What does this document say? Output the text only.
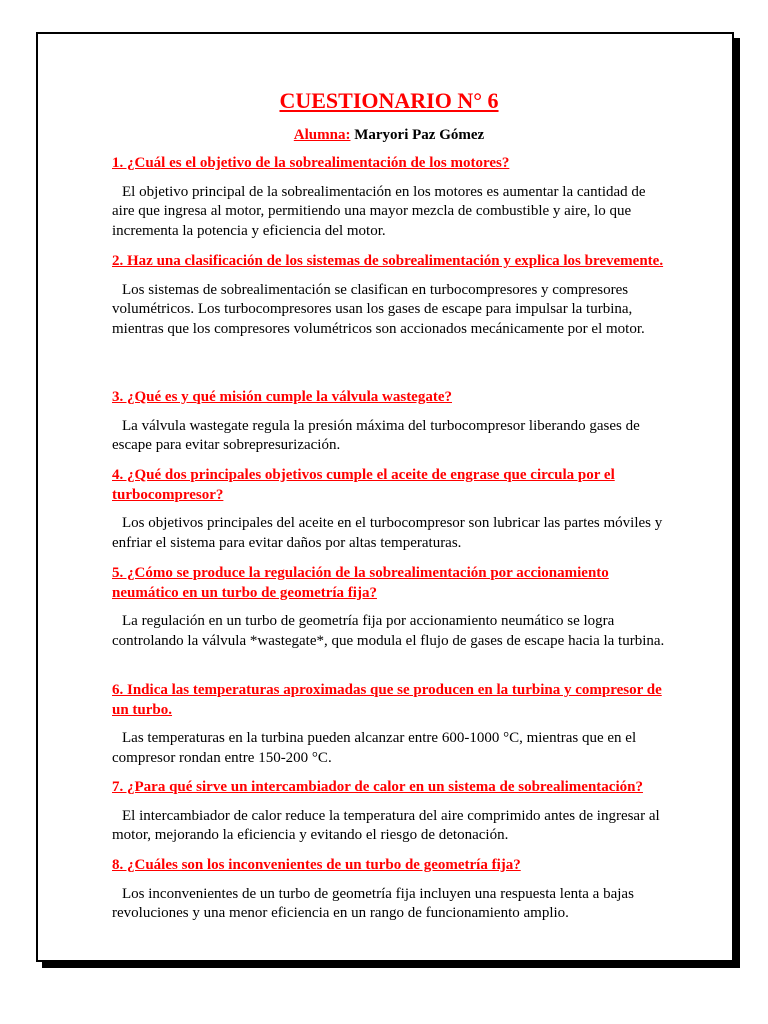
CUESTIONARIO N° 6

Alumna: Maryori Paz Gómez

1. ¿Cuál es el objetivo de la sobrealimentación de los motores?

El objetivo principal de la sobrealimentación en los motores es aumentar la cantidad de aire que ingresa al motor, permitiendo una mayor mezcla de combustible y aire, lo que incrementa la potencia y eficiencia del motor.

2. Haz una clasificación de los sistemas de sobrealimentación y explica los brevemente.

Los sistemas de sobrealimentación se clasifican en turbocompresores y compresores volumétricos. Los turbocompresores usan los gases de escape para impulsar la turbina, mientras que los compresores volumétricos son accionados mecánicamente por el motor.

3. ¿Qué es y qué misión cumple la válvula wastegate?

La válvula wastegate regula la presión máxima del turbocompresor liberando gases de escape para evitar sobrepresurización.

4. ¿Qué dos principales objetivos cumple el aceite de engrase que circula por el turbocompresor?

Los objetivos principales del aceite en el turbocompresor son lubricar las partes móviles y enfriar el sistema para evitar daños por altas temperaturas.

5. ¿Cómo se produce la regulación de la sobrealimentación por accionamiento neumático en un turbo de geometría fija?

La regulación en un turbo de geometría fija por accionamiento neumático se logra controlando la válvula *wastegate*, que modula el flujo de gases de escape hacia la turbina.

6. Indica las temperaturas aproximadas que se producen en la turbina y compresor de un turbo.

Las temperaturas en la turbina pueden alcanzar entre 600-1000 °C, mientras que en el compresor rondan entre 150-200 °C.

7. ¿Para qué sirve un intercambiador de calor en un sistema de sobrealimentación?

El intercambiador de calor reduce la temperatura del aire comprimido antes de ingresar al motor, mejorando la eficiencia y evitando el riesgo de detonación.

8. ¿Cuáles son los inconvenientes de un turbo de geometría fija?

Los inconvenientes de un turbo de geometría fija incluyen una respuesta lenta a bajas revoluciones y una menor eficiencia en un rango de funcionamiento amplio.
